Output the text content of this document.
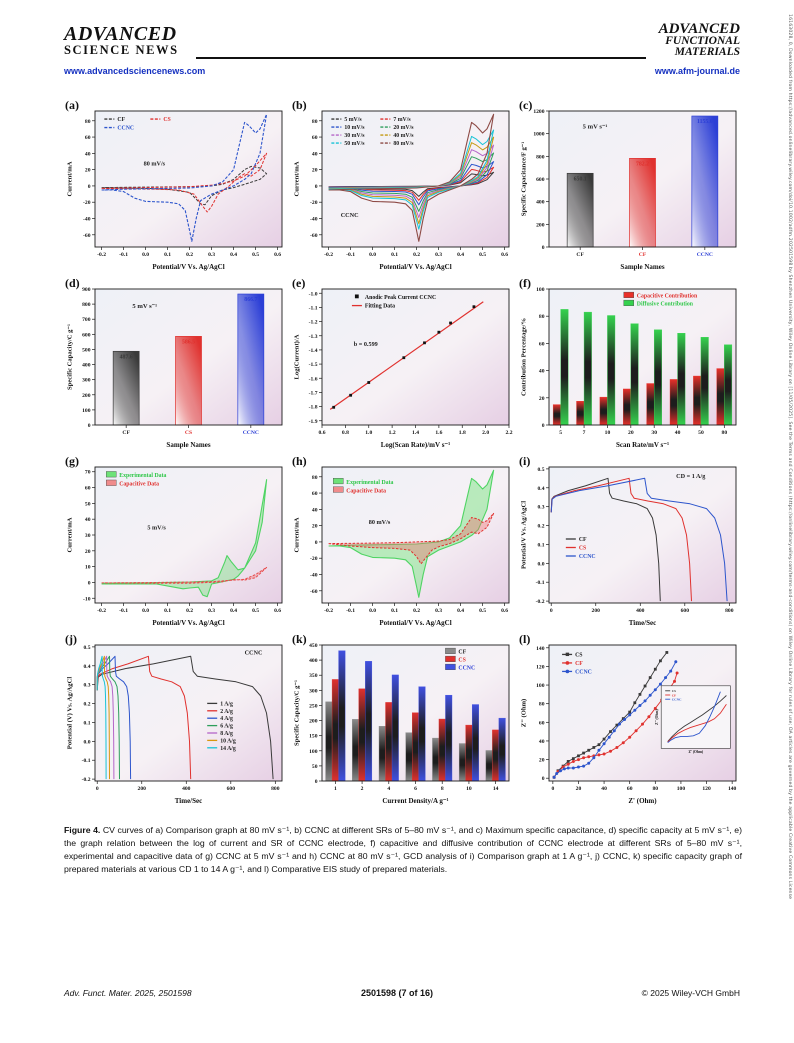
ADVANCED
SCIENCE NEWS
www.advancedsciencenews.com
ADVANCED
FUNCTIONAL
MATERIALS
www.afm-journal.de	16163028, 0, Downloaded from https://advanced.onlinelibrary.wiley.com/doi/10.1002/adfm.202501598 by Shenzhen University, Wiley Online Library on [11/05/2025]. See the Terms and Conditions (https://onlinelibrary.wiley.com/terms-and-conditions) on Wiley Online Library for rules of use; OA articles are governed by the applicable Creative Commons License
(a)
-0.2 -0.1	0.0	0.1	0.2	0.3	0.4	0.5	0.6
-60
-40
-20
0
20
40
60
80
Potential/V Vs. Ag/AgCl
Current/mA	80 mV/s
CF	CS
CCNC
(b)
-0.2 -0.1	0.0	0.1	0.2	0.3	0.4	0.5	0.6
-60
-40
-20
0
20
40
60
80
Potential/V Vs. Ag/AgCl
Current/mA
CCNC
5 mV/s	7 mV/s
10 mV/s	20 mV/s
30 mV/s	40 mV/s
50 mV/s	80 mV/s
(c)
650.1
CF
782.2
CF
1155.6
CCNC
0
200
400
600
800
1000
1200
Sample Names
Specific Capacitance/F g⁻¹
5 mV s⁻¹
(d)
487.6
CF
586.5
CS
866.7
CCNC
0
100
200
300
400
500
600
700
800
900
Sample Names
Specific Capacity/C g⁻¹
5 mV s⁻¹
(e)
0.6	0.8	1.0	1.2	1.4	1.6	1.8	2.0	2.2
-1.9
-1.8
-1.7
-1.6
-1.5
-1.4
-1.3
-1.2
-1.1
-1.0
Log(Scan Rate)/mV s⁻¹
Log(Current)/A	b = 0.599
Anodic Peak Current CCNC
Fitting Data
(f)
5	7	10	20	30	40	50	80
0
20
40
60
80
100
Scan Rate/mV s⁻¹
Contribution Percentage/%
Capacitive Contribution
Diffusive Contribution
(g)
-0.2 -0.1	0.0	0.1	0.2	0.3	0.4	0.5	0.6
-10
0
10
20
30
40
50
60
70
Potential/V Vs. Ag/AgCl
Current/mA	5 mV/s
Experimental Data
Capacitive Data
(h)
-0.2 -0.1	0.0	0.1	0.2	0.3	0.4	0.5	0.6
-60
-40
-20
0
20
40
60
80
Potential/V Vs. Ag/AgCl
Current/mA	80 mV/s
Experimental Data
Capacitive Data
(i)
0	200	400	600	800
-0.2
-0.1
0.0
0.1
0.2
0.3
0.4
0.5
Time/Sec
Potential/V Vs. Ag/AgCl
CD = 1 A/g
CF
CS
CCNC
(j)
0	200	400	600	800
-0.2
-0.1
0.0
0.1
0.2
0.3
0.4
0.5
Time/Sec
Potential (V) Vs. Ag/AgCl
CCNC
1 A/g
2 A/g
4 A/g
6 A/g
8 A/g
10 A/g
14 A/g
(k)
1	2	4	6	8	10	14
0
50
100
150
200
250
300
350
400
450
Current Density/A g⁻¹
Specific Capacity/C g⁻¹
CF
CS
CCNC
(l)
0	20	40	60	80	100	120	140
0
20
40
60
80
100
120
140
Z' (Ohm)
Z'' (Ohm)
CS
CF
CCNC
CS
CF
CCNC
Z' (Ohm)
Z'' (Ohm)
Figure 4. CV curves of a) Comparison graph at 80 mV s⁻¹, b) CCNC at different SRs of 5–80 mV s⁻¹, and c) Maximum specific capacitance, d) specific capacity at 5 mV s⁻¹, e) the graph relation between the log of current and SR of CCNC electrode, f) capacitive and diffusive contribution of CCNC electrode at different SRs of 5–80 mV s⁻¹, experimental and capacitive data of g) CCNC at 5 mV s⁻¹ and h) CCNC at 80 mV s⁻¹, GCD analysis of i) Comparison graph at 1 A g⁻¹, j) CCNC, k) specific capacity graph of prepared materials at various CD 1 to 14 A g⁻¹, and l) Comparative EIS study of prepared materials.
Adv. Funct. Mater. 2025, 2501598	2501598 (7 of 16)	© 2025 Wiley-VCH GmbH
